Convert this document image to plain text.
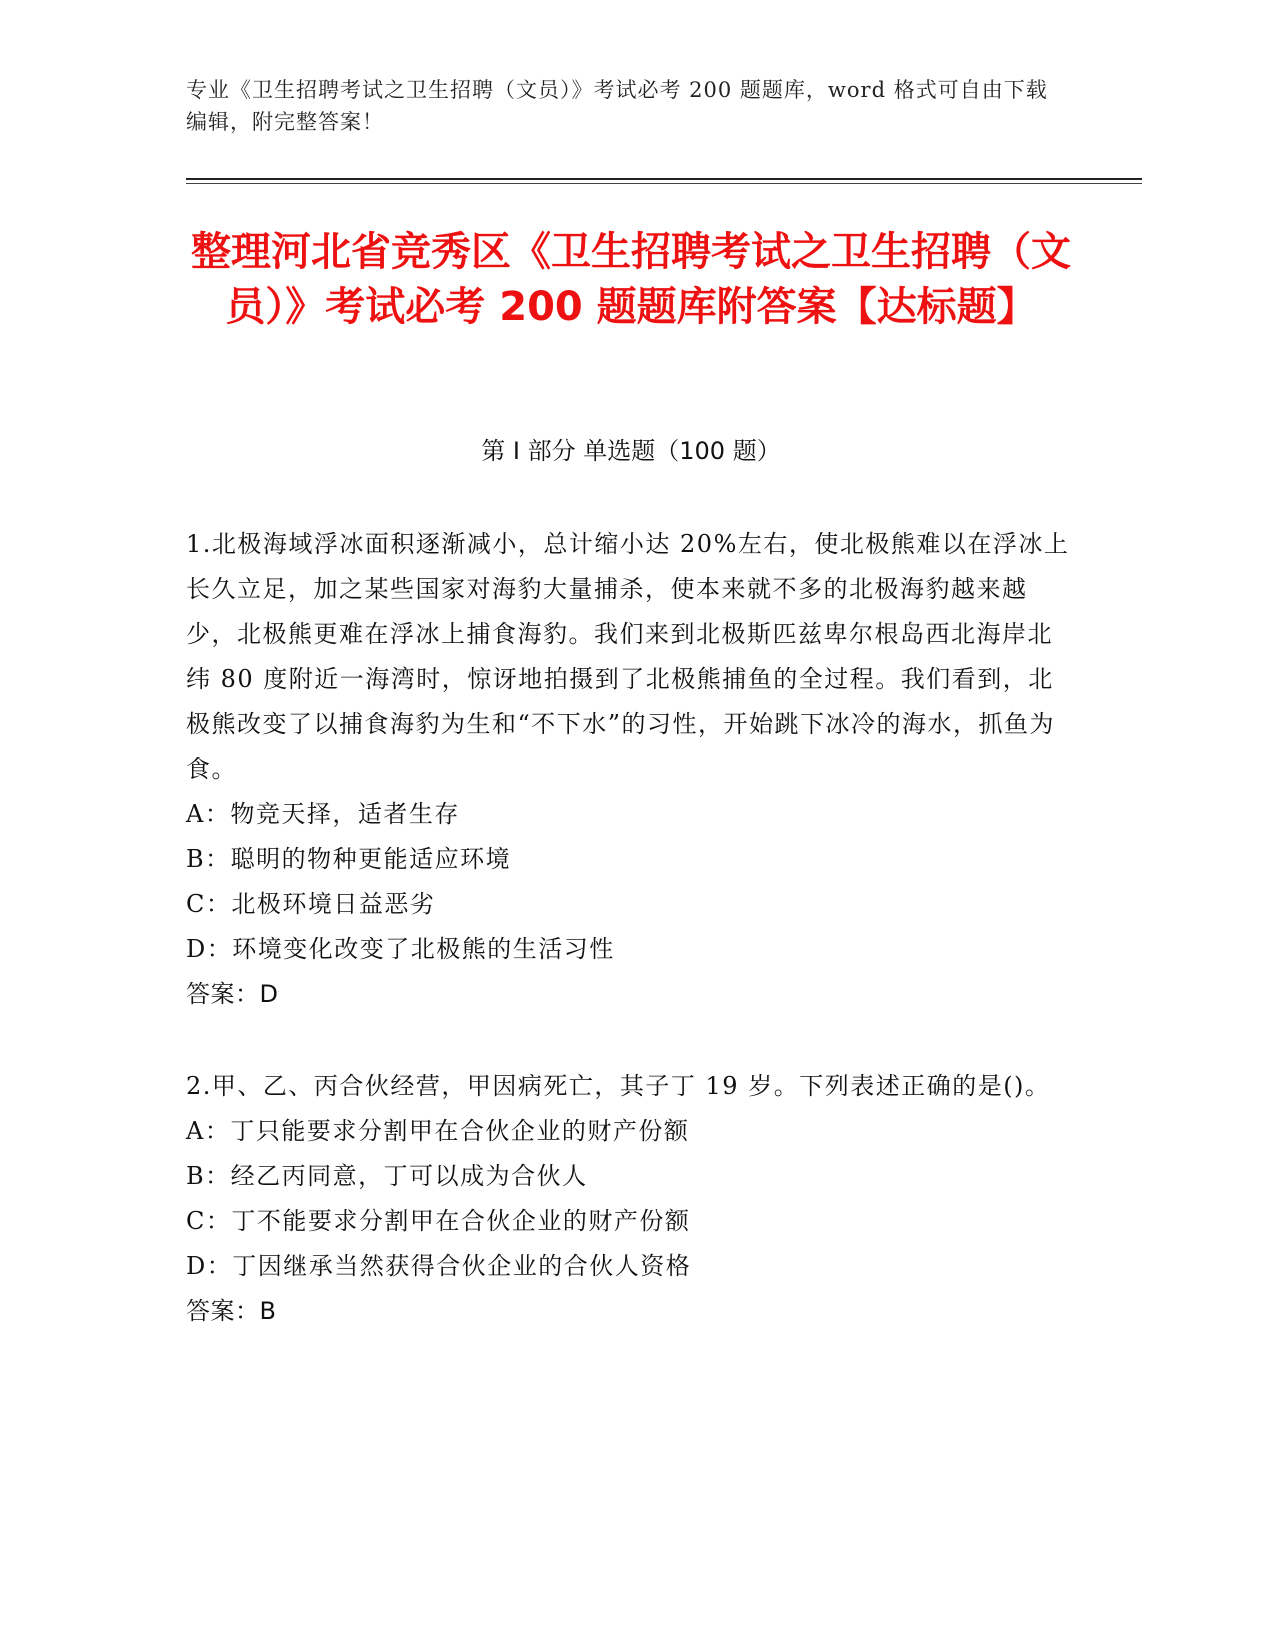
专业《卫生招聘考试之卫生招聘（文员）》考试必考 200 题题库，word 格式可自由下载编辑，附完整答案！
整理河北省竞秀区《卫生招聘考试之卫生招聘（文员）》考试必考 200 题题库附答案【达标题】
第 I 部分 单选题（100 题）

1.北极海域浮冰面积逐渐减小，总计缩小达 20%左右，使北极熊难以在浮冰上长久立足，加之某些国家对海豹大量捕杀，使本来就不多的北极海豹越来越少，北极熊更难在浮冰上捕食海豹。我们来到北极斯匹兹卑尔根岛西北海岸北纬 80 度附近一海湾时，惊讶地拍摄到了北极熊捕鱼的全过程。我们看到，北极熊改变了以捕食海豹为生和“不下水”的习性，开始跳下冰冷的海水，抓鱼为食。

A：物竞天择，适者生存

B：聪明的物种更能适应环境

C：北极环境日益恶劣

D：环境变化改变了北极熊的生活习性

答案：D

2.甲、乙、丙合伙经营，甲因病死亡，其子丁 19 岁。下列表述正确的是()。

A：丁只能要求分割甲在合伙企业的财产份额

B：经乙丙同意，丁可以成为合伙人

C：丁不能要求分割甲在合伙企业的财产份额

D：丁因继承当然获得合伙企业的合伙人资格

答案：B
